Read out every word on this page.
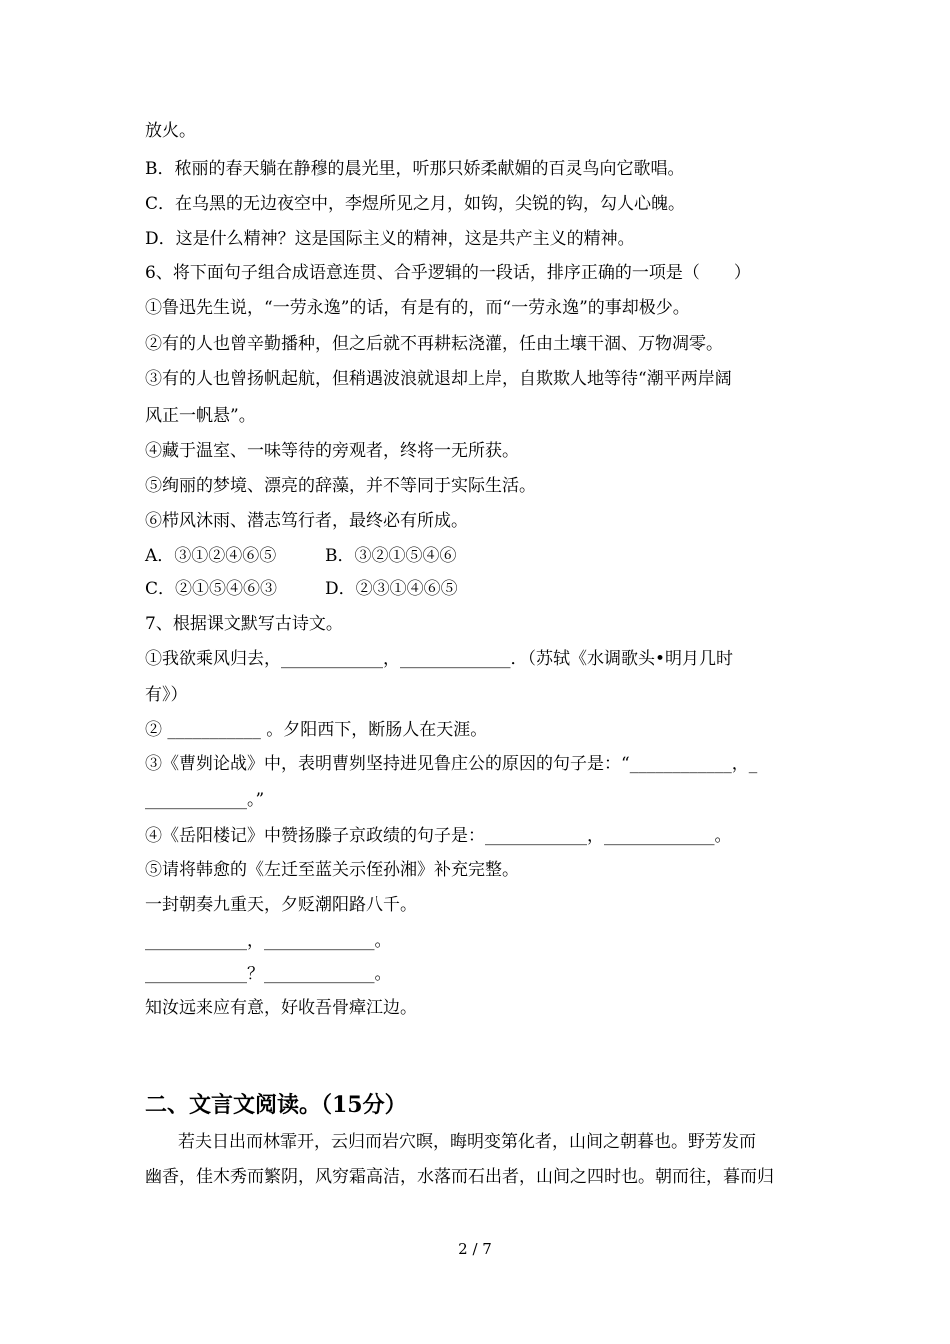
放火。
B．秾丽的春天躺在静穆的晨光里，听那只娇柔献媚的百灵鸟向它歌唱。
C．在乌黑的无边夜空中，李煜所见之月，如钩，尖锐的钩，勾人心魄。
D．这是什么精神？这是国际主义的精神，这是共产主义的精神。
6、将下面句子组合成语意连贯、合乎逻辑的一段话，排序正确的一项是（　　）
①鲁迅先生说，“一劳永逸”的话，有是有的，而“一劳永逸”的事却极少。
②有的人也曾辛勤播种，但之后就不再耕耘浇灌，任由土壤干涸、万物凋零。
③有的人也曾扬帆起航，但稍遇波浪就退却上岸，自欺欺人地等待“潮平两岸阔
风正一帆悬”。
④藏于温室、一味等待的旁观者，终将一无所获。
⑤绚丽的梦境、漂亮的辞藻，并不等同于实际生活。
⑥栉风沐雨、潜志笃行者，最终必有所成。
A．③①②④⑥⑤	B．③②①⑤④⑥
C．②①⑤④⑥③	D．②③①④⑥⑤
7、根据课文默写古诗文。
①我欲乘风归去，____________，_____________．（苏轼《水调歌头•明月几时
有》）
② ___________ 。夕阳西下，断肠人在天涯。
③《曹刿论战》中，表明曹刿坚持进见鲁庄公的原因的句子是：“____________，_
____________。”
④《岳阳楼记》中赞扬滕子京政绩的句子是：____________，_____________。
⑤请将韩愈的《左迁至蓝关示侄孙湘》补充完整。
一封朝奏九重天，夕贬潮阳路八千。
____________，_____________。
____________？_____________。
知汝远来应有意，好收吾骨瘴江边。
二、文言文阅读。（15分）
若夫日出而林霏开，云归而岩穴暝，晦明变第化者，山间之朝暮也。野芳发而
幽香，佳木秀而繁阴，风穷霜高洁，水落而石出者，山间之四时也。朝而往，暮而归
2 / 7
